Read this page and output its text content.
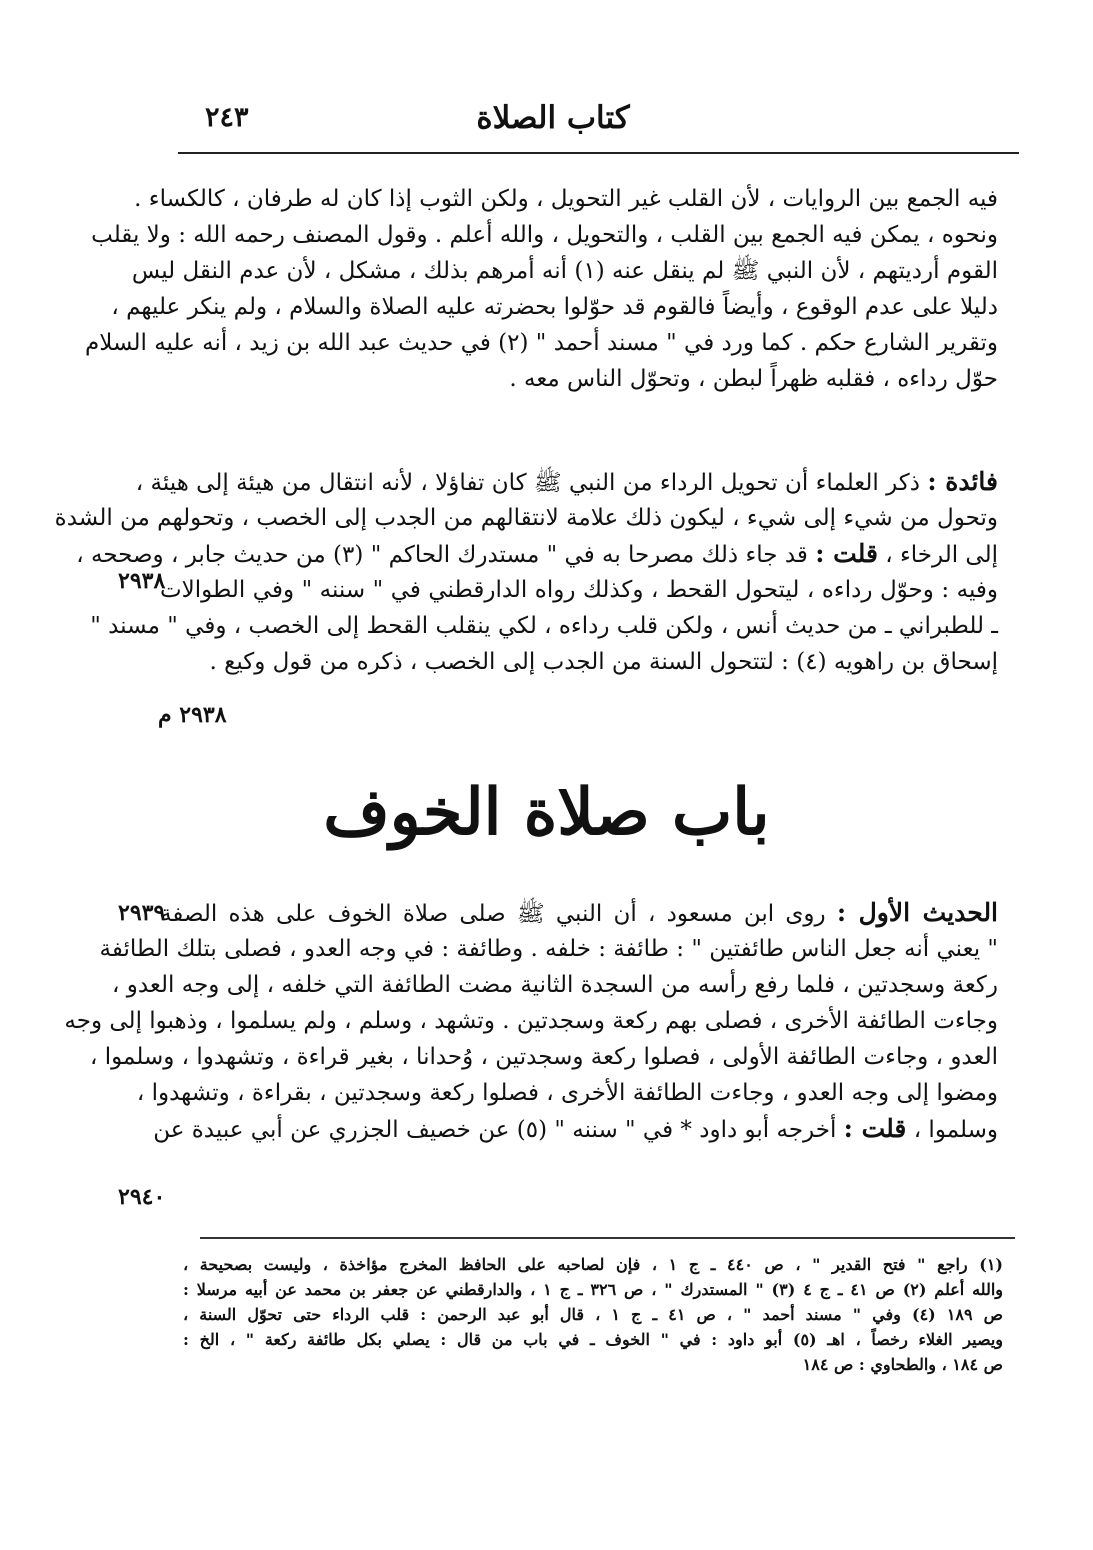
كتاب الصلاة
٢٤٣
فيه الجمع بين الروايات ، لأن القلب غير التحويل ، ولكن الثوب إذا كان له طرفان ، كالكساء .
ونحوه ، يمكن فيه الجمع بين القلب ، والتحويل ، والله أعلم . وقول المصنف رحمه الله : ولا يقلب
القوم أرديتهم ، لأن النبي ﷺ لم ينقل عنه (١) أنه أمرهم بذلك ، مشكل ، لأن عدم النقل ليس
دليلا على عدم الوقوع ، وأيضاً فالقوم قد حوّلوا بحضرته عليه الصلاة والسلام ، ولم ينكر عليهم ،
وتقرير الشارع حكم . كما ورد في " مسند أحمد " (٢) في حديث عبد الله بن زيد ، أنه عليه السلام
حوّل رداءه ، فقلبه ظهراً لبطن ، وتحوّل الناس معه .
فائدة : ذكر العلماء أن تحويل الرداء من النبي ﷺ كان تفاؤلا ، لأنه انتقال من هيئة إلى هيئة ،
وتحول من شيء إلى شيء ، ليكون ذلك علامة لانتقالهم من الجدب إلى الخصب ، وتحولهم من الشدة
إلى الرخاء ، قلت : قد جاء ذلك مصرحا به في " مستدرك الحاكم " (٣) من حديث جابر ، وصححه ،
وفيه : وحوّل رداءه ، ليتحول القحط ، وكذلك رواه الدارقطني في " سننه " وفي الطوالات
ـ للطبراني ـ من حديث أنس ، ولكن قلب رداءه ، لكي ينقلب القحط إلى الخصب ، وفي " مسند "
إسحاق بن راهويه (٤) : لتتحول السنة من الجدب إلى الخصب ، ذكره من قول وكيع .
٢٩٣٨
٢٩٣٨ م
باب صلاة الخوف
الحديث الأول : روى ابن مسعود ، أن النبي ﷺ صلى صلاة الخوف على هذه الصفة
" يعني أنه جعل الناس طائفتين " : طائفة : خلفه . وطائفة : في وجه العدو ، فصلى بتلك الطائفة
ركعة وسجدتين ، فلما رفع رأسه من السجدة الثانية مضت الطائفة التي خلفه ، إلى وجه العدو ،
وجاءت الطائفة الأخرى ، فصلى بهم ركعة وسجدتين . وتشهد ، وسلم ، ولم يسلموا ، وذهبوا إلى وجه
العدو ، وجاءت الطائفة الأولى ، فصلوا ركعة وسجدتين ، وُحدانا ، بغير قراءة ، وتشهدوا ، وسلموا ،
ومضوا إلى وجه العدو ، وجاءت الطائفة الأخرى ، فصلوا ركعة وسجدتين ، بقراءة ، وتشهدوا ،
وسلموا ، قلت : أخرجه أبو داود * في " سننه " (٥) عن خصيف الجزري عن أبي عبيدة عن
٢٩٣٩
٢٩٤٠
(١) راجع " فتح القدير " ، ص ٤٤٠ ـ ج ١ ، فإن لصاحبه على الحافظ المخرج مؤاخذة ، وليست بصحيحة ،
والله أعلم (٢) ص ٤١ ـ ج ٤ (٣) " المستدرك " ، ص ٣٢٦ ـ ج ١ ، والدارقطني عن جعفر بن محمد عن أبيه مرسلا :
ص ١٨٩ (٤) وفي " مسند أحمد " ، ص ٤١ ـ ج ١ ، قال أبو عبد الرحمن : قلب الرداء حتى تحوّل السنة ،
ويصير الغلاء رخصاً ، اهـ (٥) أبو داود : في " الخوف ـ في باب من قال : يصلي بكل طائفة ركعة " ، الخ :
ص ١٨٤ ، والطحاوي : ص ١٨٤
